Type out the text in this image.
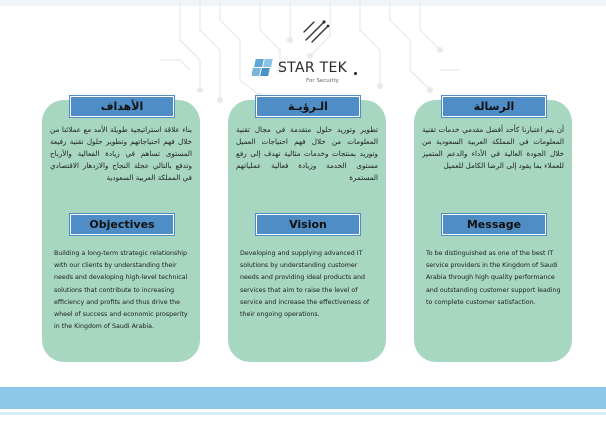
STAR TEK
For Security
الأهداف
بناء علاقة استراتيجية طويلة الأمد مع عملائنا من خلال فهم احتياجاتهم وتطوير حلول تقنية رفيعة المستوى تساهم في زيادة الفعالية والأرباح وتدفع بالتالي عجلة النجاح والازدهار الاقتصادي في المملكة العربية السعودية
Objectives
Building a long-term strategic relationship with our clients by understanding their needs and developing high-level technical solutions that contribute to increasing efficiency and profits and thus drive the wheel of success and economic prosperity in the Kingdom of Saudi Arabia.
الـرؤيـة
تطوير وتوريد حلول متقدمة في مجال تقنية المعلومات من خلال فهم احتياجات العميل وتوريد بمنتجات وخدمات مثالية تهدف إلى رفع مستوى الخدمة وزيادة فعالية عملياتهم المستمرة
Vision
Developing and supplying advanced IT solutions by understanding customer needs and providing ideal products and services that aim to raise the level of service and increase the effectiveness of their ongoing operations.
الرسالة
أن يتم اعتبارنا كأحد أفضل مقدمي خدمات تقنية المعلومات في المملكة العربية السعودية من خلال الجودة العالية في الأداء والدعم المتميز للعملاء بما يقود إلى الرضا الكامل للعميل
Message
To be distinguished as one of the best IT service providers in the Kingdom of Saudi Arabia through high quality performance and outstanding customer support leading to complete customer satisfaction.
